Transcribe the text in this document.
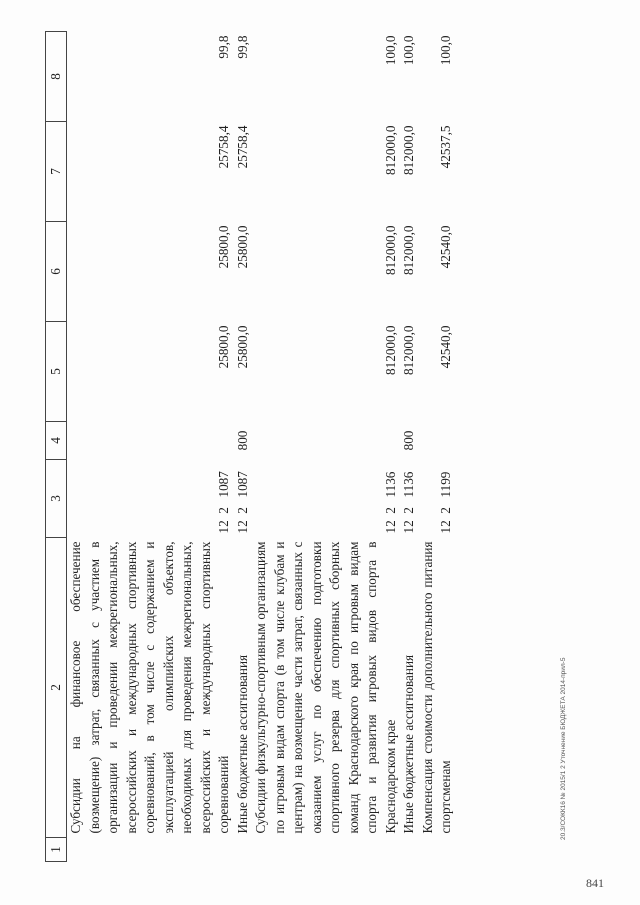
1	2	3			4	5	6	7	8
	Субсидии на финансовое обеспечение (возмещение) затрат, связанных с участием в организации и проведении межрегиональных, всероссийских и международных спортивных соревнований, в том числе с содержанием и эксплуатацией олимпийских объектов, необходимых для проведения межрегиональных, всероссийских и международных спортивных соревнований	12	2	1087		25800,0	25800,0	25758,4	99,8
	Иные бюджетные ассигнования	12	2	1087	800	25800,0	25800,0	25758,4	99,8
	Субсидии физкультурно-спортивным организациям по игровым видам спорта (в том числе клубам и центрам) на возмещение части затрат, связанных с оказанием услуг по обеспечению подготовки спортивного резерва для спортивных сборных команд Краснодарского края по игровым видам спорта и развития игровых видов спорта в Краснодарском крае	12	2	1136		812000,0	812000,0	812000,0	100,0
	Иные бюджетные ассигнования	12	2	1136	800	812000,0	812000,0	812000,0	100,0
	Компенсация стоимости дополнительного питания спортсменам	12	2	1199		42540,0	42540,0	42537,5	100,0
20.3/СОКК16 № 2015/1 2 Уточнение БЮДЖЕТА 2014-прил-5
841
